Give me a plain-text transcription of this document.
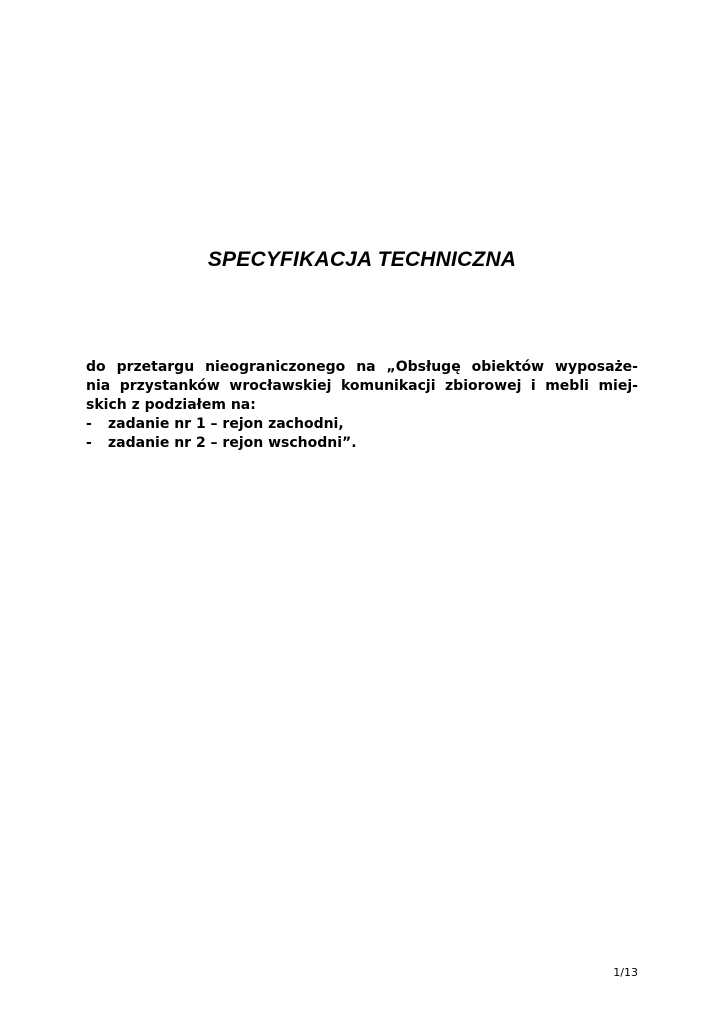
SPECYFIKACJA TECHNICZNA
do przetargu nieograniczonego na „Obsługę obiektów wyposaże-
nia przystanków wrocławskiej komunikacji zbiorowej i mebli miej-
skich z podziałem na:
-	zadanie nr 1 – rejon zachodni,
-	zadanie nr 2 – rejon wschodni”.
1/13
